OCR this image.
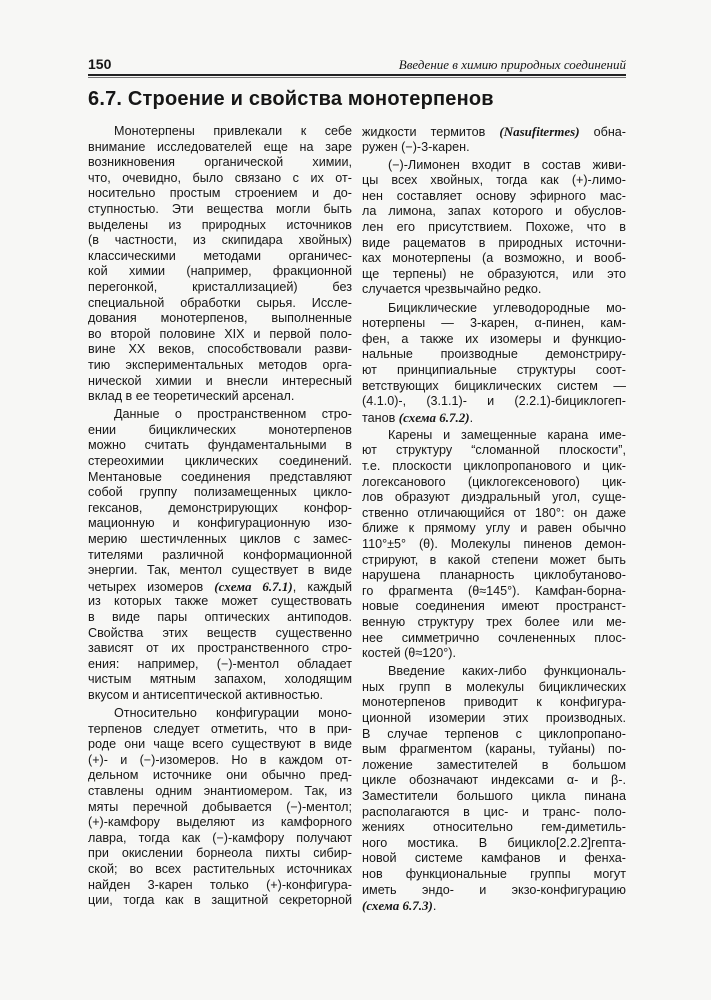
150	Введение в химию природных соединений
6.7. Строение и свойства монотерпенов
Монотерпены привлекали к себе
внимание исследователей еще на заре
возникновения органической химии,
что, очевидно, было связано с их от-
носительно простым строением и до-
ступностью. Эти вещества могли быть
выделены из природных источников
(в частности, из скипидара хвойных)
классическими методами органичес-
кой химии (например, фракционной
перегонкой, кристаллизацией) без
специальной обработки сырья. Иссле-
дования монотерпенов, выполненные
во второй половине XIX и первой поло-
вине XX веков, способствовали разви-
тию экспериментальных методов орга-
нической химии и внесли интересный
вклад в ее теоретический арсенал.
Данные о пространственном стро-
ении бициклических монотерпенов
можно считать фундаментальными в
стереохимии циклических соединений.
Ментановые соединения представляют
собой группу полизамещенных цикло-
гексанов, демонстрирующих конфор-
мационную и конфигурационную изо-
мерию шестичленных циклов с замес-
тителями различной конформационной
энергии. Так, ментол существует в виде
четырех изомеров (схема 6.7.1), каждый
из которых также может существовать
в виде пары оптических антиподов.
Свойства этих веществ существенно
зависят от их пространственного стро-
ения: например, (−)-ментол обладает
чистым мятным запахом, холодящим
вкусом и антисептической активностью.
Относительно конфигурации моно-
терпенов следует отметить, что в при-
роде они чаще всего существуют в виде
(+)- и (−)-изомеров. Но в каждом от-
дельном источнике они обычно пред-
ставлены одним энантиомером. Так, из
мяты перечной добывается (−)-ментол;
(+)-камфору выделяют из камфорного
лавра, тогда как (−)-камфору получают
при окислении борнеола пихты сибир-
ской; во всех растительных источниках
найден 3-карен только (+)-конфигура-
ции, тогда как в защитной секреторной
жидкости термитов (Nasufitermes) обна-
ружен (−)-3-карен.
(−)-Лимонен входит в состав живи-
цы всех хвойных, тогда как (+)-лимо-
нен составляет основу эфирного мас-
ла лимона, запах которого и обуслов-
лен его присутствием. Похоже, что в
виде рацематов в природных источни-
ках монотерпены (а возможно, и вооб-
ще терпены) не образуются, или это
случается чрезвычайно редко.
Бициклические углеводородные мо-
нотерпены — 3-карен, α-пинен, кам-
фен, а также их изомеры и функцио-
нальные производные демонстриру-
ют принципиальные структуры соот-
ветствующих бициклических систем —
(4.1.0)-, (3.1.1)- и (2.2.1)-бициклогеп-
танов (схема 6.7.2).
Карены и замещенные карана име-
ют структуру “сломанной плоскости”,
т.е. плоскости циклопропанового и цик-
логексанового (циклогексенового) цик-
лов образуют диэдральный угол, суще-
ственно отличающийся от 180°: он даже
ближе к прямому углу и равен обычно
110°±5° (θ). Молекулы пиненов демон-
стрируют, в какой степени может быть
нарушена планарность циклобутаново-
го фрагмента (θ≈145°). Камфан-борна-
новые соединения имеют пространст-
венную структуру трех более или ме-
нее симметрично сочлененных плос-
костей (θ≈120°).
Введение каких-либо функциональ-
ных групп в молекулы бициклических
монотерпенов приводит к конфигура-
ционной изомерии этих производных.
В случае терпенов с циклопропано-
вым фрагментом (караны, туйаны) по-
ложение заместителей в большом
цикле обозначают индексами α- и β-.
Заместители большого цикла пинана
располагаются в цис- и транс- поло-
жениях относительно гем-диметиль-
ного мостика. В бицикло[2.2.2]гепта-
новой системе камфанов и фенха-
нов функциональные группы могут
иметь эндо- и экзо-конфигурацию
(схема 6.7.3).
